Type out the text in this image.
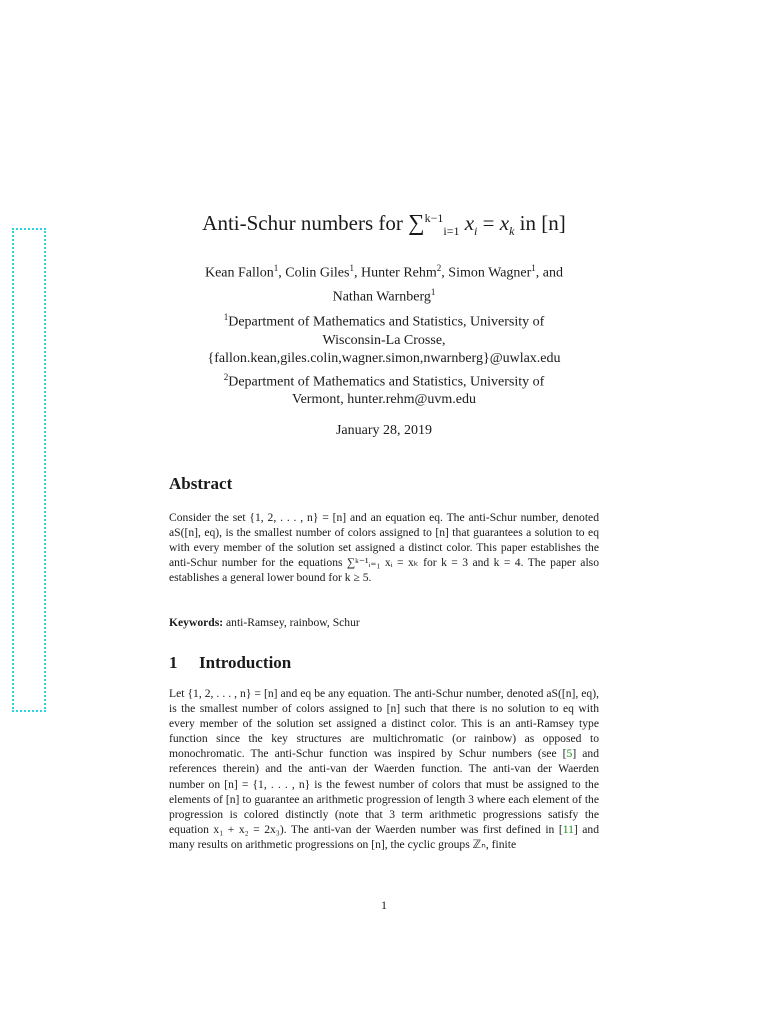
Anti-Schur numbers for ∑$^{k-1}_{i=1}$ $x_i = x_k$ in [n]
Kean Fallon$^1$, Colin Giles$^1$, Hunter Rehm$^2$, Simon Wagner$^1$, and
Nathan Warnberg$^1$
$^1$Department of Mathematics and Statistics, University of
Wisconsin-La Crosse,
{fallon.kean,giles.colin,wagner.simon,nwarnberg}@uwlax.edu
$^2$Department of Mathematics and Statistics, University of
Vermont, hunter.rehm@uvm.edu
January 28, 2019
Abstract
Consider the set {1, 2, . . . , n} = [n] and an equation eq. The anti-Schur number, denoted aS([n], eq), is the smallest number of colors assigned to [n] that guarantees a solution to eq with every member of the solution set assigned a distinct color. This paper establishes the anti-Schur number for the equations ∑ᵏ⁻¹ᵢ₌₁ xᵢ = xₖ for k = 3 and k = 4. The paper also establishes a general lower bound for k ≥ 5.
Keywords: anti-Ramsey, rainbow, Schur
1 Introduction
Let {1, 2, . . . , n} = [n] and eq be any equation. The anti-Schur number, denoted aS([n], eq), is the smallest number of colors assigned to [n] such that there is no solution to eq with every member of the solution set assigned a distinct color. This is an anti-Ramsey type function since the key structures are multichromatic (or rainbow) as opposed to monochromatic. The anti-Schur function was inspired by Schur numbers (see [5] and references therein) and the anti-van der Waerden function. The anti-van der Waerden number on [n] = {1, . . . , n} is the fewest number of colors that must be assigned to the elements of [n] to guarantee an arithmetic progression of length 3 where each element of the progression is colored distinctly (note that 3 term arithmetic progressions satisfy the equation x₁ + x₂ = 2x₃). The anti-van der Waerden number was first defined in [11] and many results on arithmetic progressions on [n], the cyclic groups ℤₙ, finite
1
